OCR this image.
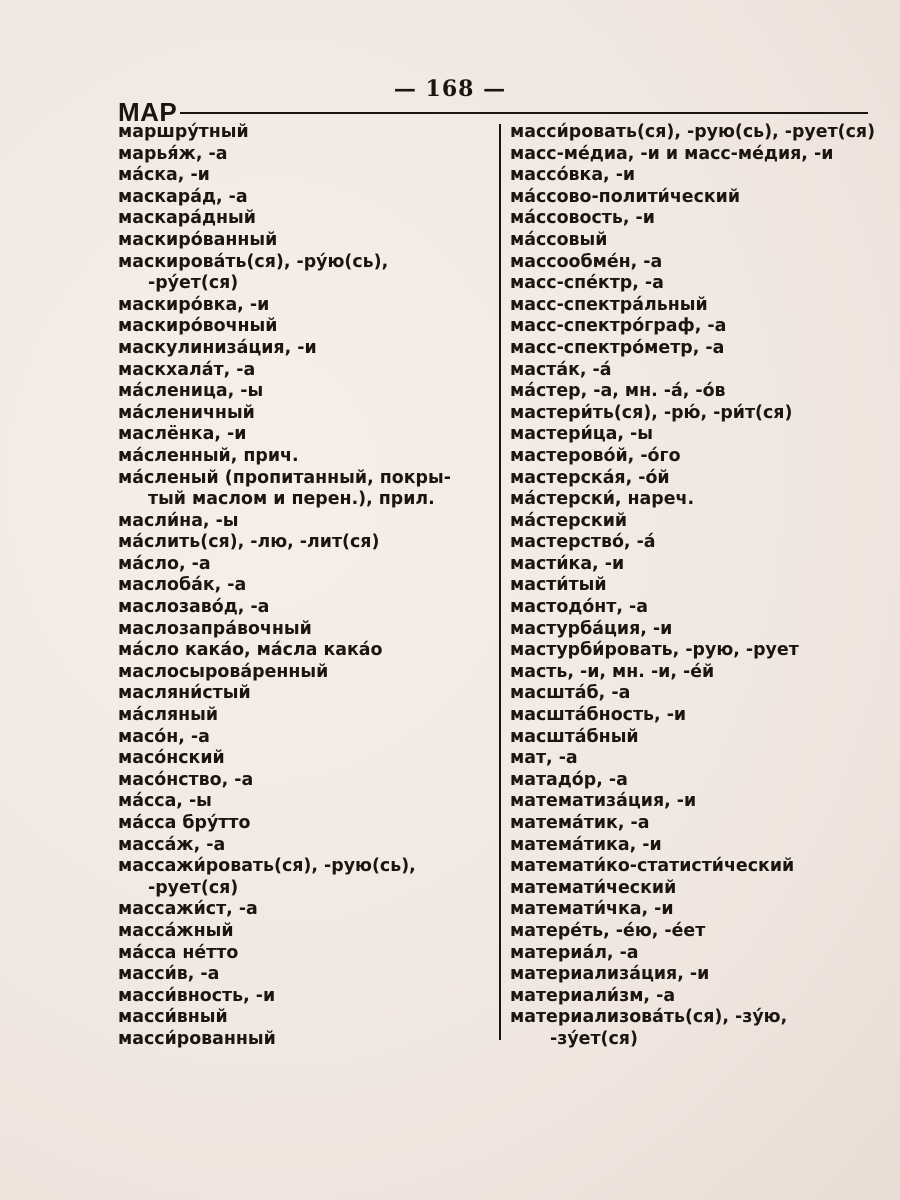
— 168 —
МАР
маршру́тный
марья́ж, -а
ма́ска, -и
маскара́д, -а
маскара́дный
маскиро́ванный
маскирова́ть(ся), -ру́ю(сь),
-ру́ет(ся)
маскиро́вка, -и
маскиро́вочный
маскулиниза́ция, -и
маскхала́т, -а
ма́сленица, -ы
ма́сленичный
маслёнка, -и
ма́сленный, прич.
ма́сленый (пропитанный, покры-
тый маслом и перен.), прил.
масли́на, -ы
ма́слить(ся), -лю, -лит(ся)
ма́сло, -а
маслоба́к, -а
маслозаво́д, -а
маслозапра́вочный
ма́сло кака́о, ма́сла кака́о
маслосырова́ренный
масляни́стый
ма́сляный
масо́н, -а
масо́нский
масо́нство, -а
ма́сса, -ы
ма́сса бру́тто
масса́ж, -а
массажи́ровать(ся), -рую(сь),
-рует(ся)
массажи́ст, -а
масса́жный
ма́сса не́тто
масси́в, -а
масси́вность, -и
масси́вный
масси́рованный
масси́ровать(ся), -рую(сь), -рует(ся)
масс-ме́диа, -и и масс-ме́дия, -и
массо́вка, -и
ма́ссово-полити́ческий
ма́ссовость, -и
ма́ссовый
массообме́н, -а
масс-спе́ктр, -а
масс-спектра́льный
масс-спектро́граф, -а
масс-спектро́метр, -а
маста́к, -а́
ма́стер, -а, мн. -а́, -о́в
мастери́ть(ся), -рю́, -ри́т(ся)
мастери́ца, -ы
мастерово́й, -о́го
мастерска́я, -о́й
ма́стерски́, нареч.
ма́стерский
мастерство́, -а́
масти́ка, -и
масти́тый
мастодо́нт, -а
мастурба́ция, -и
мастурби́ровать, -рую, -рует
масть, -и, мн. -и, -е́й
масшта́б, -а
масшта́бность, -и
масшта́бный
мат, -а
матадо́р, -а
математиза́ция, -и
матема́тик, -а
матема́тика, -и
математи́ко-статисти́ческий
математи́ческий
математи́чка, -и
матере́ть, -е́ю, -е́ет
материа́л, -а
материализа́ция, -и
материали́зм, -а
материализова́ть(ся), -зу́ю,
-зу́ет(ся)
